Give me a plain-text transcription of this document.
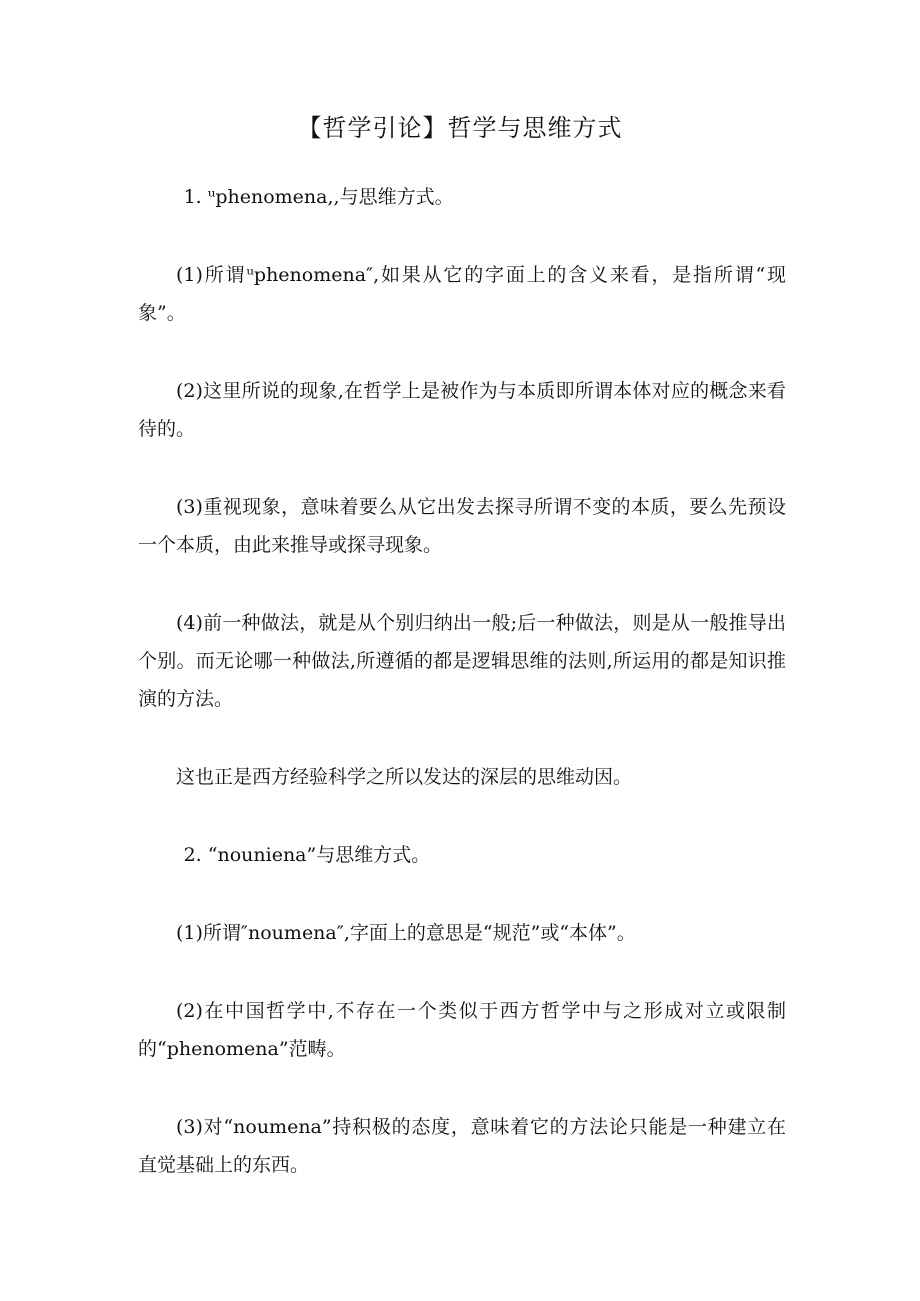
【哲学引论】哲学与思维方式

1. ᵘphenomena,,与思维方式。

(1)所谓ᵘphenomena″,如果从它的字面上的含义来看，是指所谓“现象”。

(2)这里所说的现象,在哲学上是被作为与本质即所谓本体对应的概念来看待的。

(3)重视现象，意味着要么从它出发去探寻所谓不变的本质，要么先预设一个本质，由此来推导或探寻现象。

(4)前一种做法，就是从个别归纳出一般;后一种做法，则是从一般推导出个别。而无论哪一种做法,所遵循的都是逻辑思维的法则,所运用的都是知识推演的方法。

这也正是西方经验科学之所以发达的深层的思维动因。

2. “nouniena”与思维方式。

(1)所谓″noumena″,字面上的意思是“规范”或“本体”。

(2)在中国哲学中,不存在一个类似于西方哲学中与之形成对立或限制的“phenomena”范畴。

(3)对“noumena”持积极的态度，意味着它的方法论只能是一种建立在直觉基础上的东西。
